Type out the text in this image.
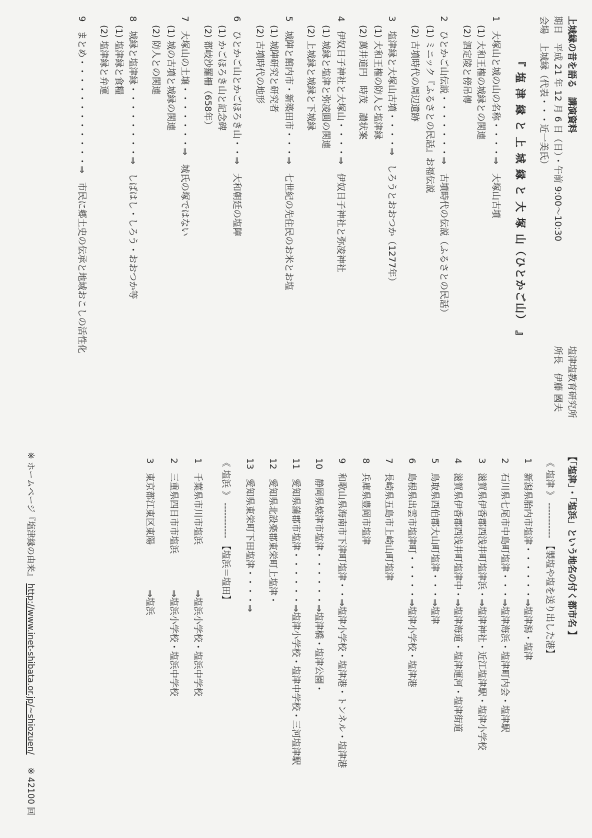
上城縁の昔を語る　講演資料
期日　平成 21 年 12 月 6 日（日）・午前 9:00〜10:30
会場　上城縁（代表・・・近一美氏）
塩津塩教育研究所
所長　伊藤 國夫
『 塩 津 縁 と 上 城 縁 と 大 塚 山（ひとかご山） 』
1　大塚山と城の山の名称・・・・⇒　大塚山古墳
　(1) 大和王権の城縁との関連
　(2) 泗定陵と傍吊傳
2　ひとかご山伝説・・・・・・・⇒　古墳時代の伝説（ふるさとの民話）
　(1) ミニック『ふるさとの民話』お福伝説
　(2) 古墳時代の周辺遺跡
3　塩津縁と大塚山古墳・・・・⇒　しろうとおおつか（1277年）
　(1) 大和王権の防人と塩津縁
　(2) 萬井道円　時茂　讃状案
4　伊奴日子神社と大塚山・・・・⇒　伊奴日子神社と弥凌神社
　(1) 城縁と塩津と弥凌圓の関連
　(2) 上城縁と城縁と下城縁
5　城陣と館内市・新築田市・・・⇒　七世紀の先住民のお米とお塩
　(1) 城陣研究と研究者
　(2) 古墳時代の地形
6　ひとかご山とかごほろき山・・⇒　大和朝廷の塩陣
　(1) かごほろき山と記念碑
　(2) 都岐沙羅柵（658年）
7　大塚山の土壌・・・・・・・⇒　城氏の塚ではない
　(1) 城の古墳と城縁の関連
　(2) 防人との関連
8　城縁と塩津縁・・・・・・・・⇒　しばはし・しろう・おおつか等
　(1) 塩津縁と食糧
　(2) 塩津縁と弁運
9　まとめ・・・・・・・・・・・・⇒　市民に郷土史の伝承と地域おこしの活性化
【「塩津」・「塩浜」という地名の付く都市名 】
《 塩津 》 ----------- 【製塩や塩を送り出した港】
1　新潟県胎内市塩津・・・・・・⇒塩津潟・塩津
2　石川県七尾市中島町塩津・・・⇒塩津海浜・塩津町内会・塩津駅
3　滋賀県伊香郡西浅井町塩津浜・⇒塩津神社・近江塩津駅・塩津小学校
4　滋賀県伊香郡西浅井町塩津中・⇒塩津海道・塩津運河・塩津街道
5　鳥取県西伯郡大山町塩津・・・⇒塩津
6　島根県出雲市塩津町・・・・・⇒塩津小学校・塩津港
7　長崎県五島市上崎山町塩津
8　兵庫県豊岡市塩津
9　和歌山県海南市下津町塩津・・⇒塩津小学校・塩津港・トンネル・塩津港
10　静岡県焼津市塩津・・・・・・⇒塩津橋・塩津公園・
11　愛知県蒲郡市塩津・・・・・・⇒塩津小学校・塩津中学校・三河塩津駅
12　愛知県北設楽郡東栄町上塩津・
13　愛知県東栄町下田塩津・・・・⇒
《 塩浜 》 ----------- 【塩浜＝塩田】
1　千葉県市川市塩浜　　　　　⇒塩浜小学校・塩浜中学校
2　三重県四日市市塩浜　　　　⇒塩浜小学校・塩浜中学校
3　東京都江東区東陽　　　　　⇒塩浜
※ ホームページ『塩津縁の由来』 http://www.inet-shibata.or.jp/~shiozuen/ ※ 42100 回
